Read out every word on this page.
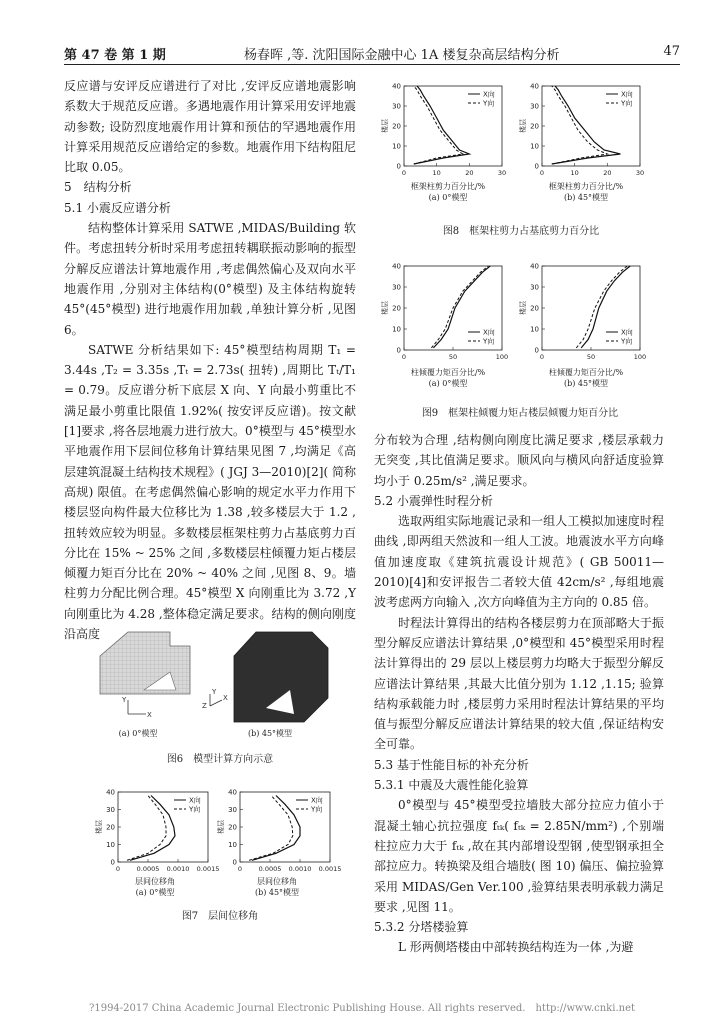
第 47 卷 第 1 期	杨春晖 ,等. 沈阳国际金融中心 1A 楼复杂高层结构分析	47

反应谱与安评反应谱进行了对比 ,安评反应谱地震影响系数大于规范反应谱。多遇地震作用计算采用安评地震动参数; 设防烈度地震作用计算和预估的罕遇地震作用计算采用规范反应谱给定的参数。地震作用下结构阻尼比取 0.05。

5　结构分析

5.1 小震反应谱分析

结构整体计算采用 SATWE ,MIDAS/Building 软件。考虑扭转分析时采用考虑扭转耦联振动影响的振型分解反应谱法计算地震作用 ,考虑偶然偏心及双向水平地震作用 ,分别对主体结构(0°模型) 及主体结构旋转 45°(45°模型) 进行地震作用加载 ,单独计算分析 ,见图 6。

SATWE 分析结果如下: 45°模型结构周期 T₁ = 3.44s ,T₂ = 3.35s ,Tₜ = 2.73s( 扭转) ,周期比 Tₜ/T₁ = 0.79。反应谱分析下底层 X 向、Y 向最小剪重比不满足最小剪重比限值 1.92%( 按安评反应谱)。按文献[1]要求 ,将各层地震力进行放大。0°模型与 45°模型水平地震作用下层间位移角计算结果见图 7 ,均满足《高层建筑混凝土结构技术规程》( JGJ 3—2010)[2]( 简称高规) 限值。在考虑偶然偏心影响的规定水平力作用下楼层竖向构件最大位移比为 1.38 ,较多楼层大于 1.2 ,扭转效应较为明显。多数楼层框架柱剪力占基底剪力百分比在 15% ~ 25% 之间 ,多数楼层柱倾覆力矩占楼层倾覆力矩百分比在 20% ~ 40% 之间 ,见图 8、9。墙柱剪力分配比例合理。45°模型 X 向刚重比为 3.72 ,Y 向刚重比为 4.28 ,整体稳定满足要求。结构的侧向刚度沿高度

Y
X
Z
Y
X
(a) 0°模型	(b) 45°模型
图6　模型计算方向示意
0
10
20
30
40
0	0.0005 0.0010 0.0015
楼层
X向
Y向
0
10
20
30
40
0	0.0005 0.0010 0.0015
楼层
X向
Y向
层间位移角	层间位移角
(a) 0°模型	(b) 45°模型
图7　层间位移角
0
10
20
30
40
0	10	20	30
楼层
X向
Y向
0
10
20
30
40
0	10	20	30
楼层
X向
Y向
框架柱剪力百分比/%	框架柱剪力百分比/%
(a) 0°模型	(b) 45°模型
图8　框架柱剪力占基底剪力百分比
0
10
20
30
40
0	50	100
楼层
X向
Y向
0
10
20
30
40
0	50	100
楼层
X向
Y向
柱倾覆力矩百分比/%	柱倾覆力矩百分比/%
(a) 0°模型	(b) 45°模型
图9　框架柱倾覆力矩占楼层倾覆力矩百分比

分布较为合理 ,结构侧向刚度比满足要求 ,楼层承载力无突变 ,其比值满足要求。顺风向与横风向舒适度验算均小于 0.25m/s² ,满足要求。

5.2 小震弹性时程分析

选取两组实际地震记录和一组人工模拟加速度时程曲线 ,即两组天然波和一组人工波。地震波水平方向峰值加速度取《建筑抗震设计规范》( GB 50011—2010)[4]和安评报告二者较大值 42cm/s² ,每组地震波考虑两方向输入 ,次方向峰值为主方向的 0.85 倍。

时程法计算得出的结构各楼层剪力在顶部略大于振型分解反应谱法计算结果 ,0°模型和 45°模型采用时程法计算得出的 29 层以上楼层剪力均略大于振型分解反应谱法计算结果 ,其最大比值分别为 1.12 ,1.15; 验算结构承载能力时 ,楼层剪力采用时程法计算结果的平均值与振型分解反应谱法计算结果的较大值 ,保证结构安全可靠。

5.3 基于性能目标的补充分析

5.3.1 中震及大震性能化验算

0°模型与 45°模型受拉墙肢大部分拉应力值小于混凝土轴心抗拉强度 fₜₖ( fₜₖ = 2.85N/mm²) ,个别端柱拉应力大于 fₜₖ ,故在其内部增设型钢 ,使型钢承担全部拉应力。转换梁及组合墙肢( 图 10) 偏压、偏拉验算采用 MIDAS/Gen Ver.100 ,验算结果表明承载力满足要求 ,见图 11。

5.3.2 分塔楼验算

L 形两侧塔楼由中部转换结构连为一体 ,为避

?1994-2017 China Academic Journal Electronic Publishing House. All rights reserved.　http://www.cnki.net
